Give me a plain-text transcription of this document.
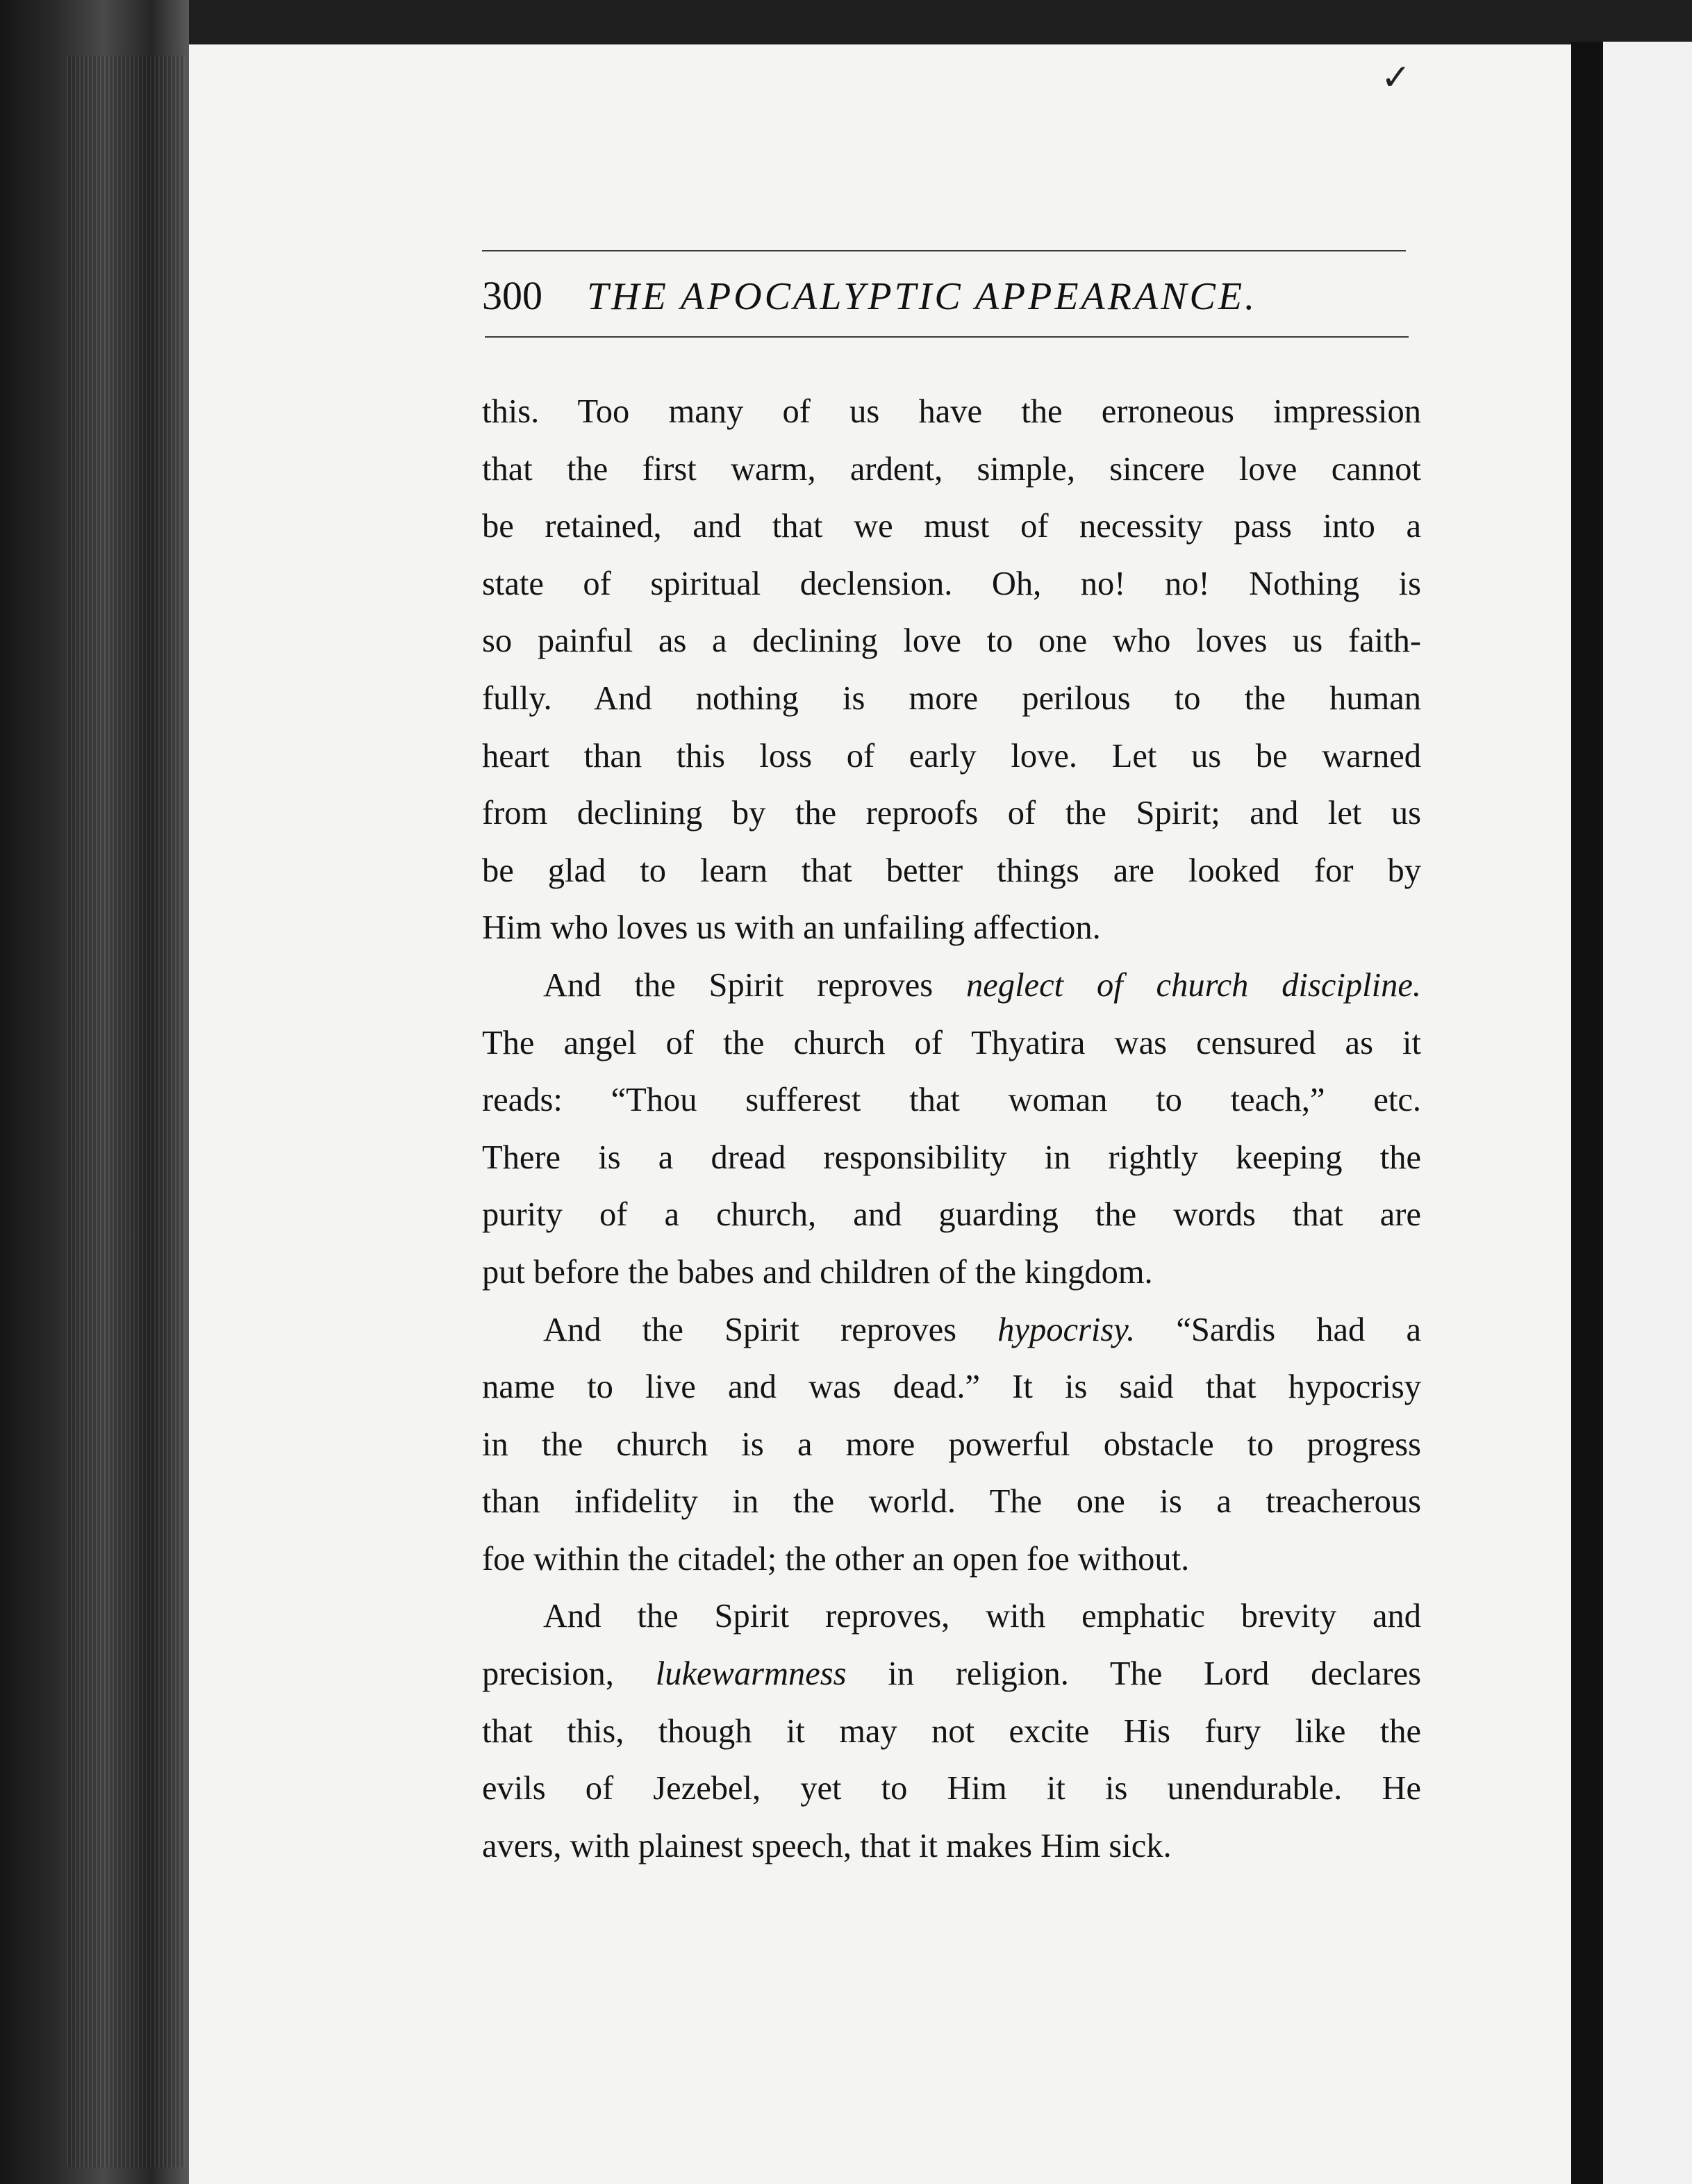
✓
300 THE APOCALYPTIC APPEARANCE.
this. Too many of us have the erroneous impression
that the first warm, ardent, simple, sincere love cannot
be retained, and that we must of necessity pass into a
state of spiritual declension. Oh, no! no! Nothing is
so painful as a declining love to one who loves us faith-
fully. And nothing is more perilous to the human
heart than this loss of early love. Let us be warned
from declining by the reproofs of the Spirit; and let us
be glad to learn that better things are looked for by
Him who loves us with an unfailing affection.
And the Spirit reproves neglect of church discipline.
The angel of the church of Thyatira was censured as it
reads: “Thou sufferest that woman to teach,” etc.
There is a dread responsibility in rightly keeping the
purity of a church, and guarding the words that are
put before the babes and children of the kingdom.
And the Spirit reproves hypocrisy. “Sardis had a
name to live and was dead.” It is said that hypocrisy
in the church is a more powerful obstacle to progress
than infidelity in the world. The one is a treacherous
foe within the citadel; the other an open foe without.
And the Spirit reproves, with emphatic brevity and
precision, lukewarmness in religion. The Lord declares
that this, though it may not excite His fury like the
evils of Jezebel, yet to Him it is unendurable. He
avers, with plainest speech, that it makes Him sick.
